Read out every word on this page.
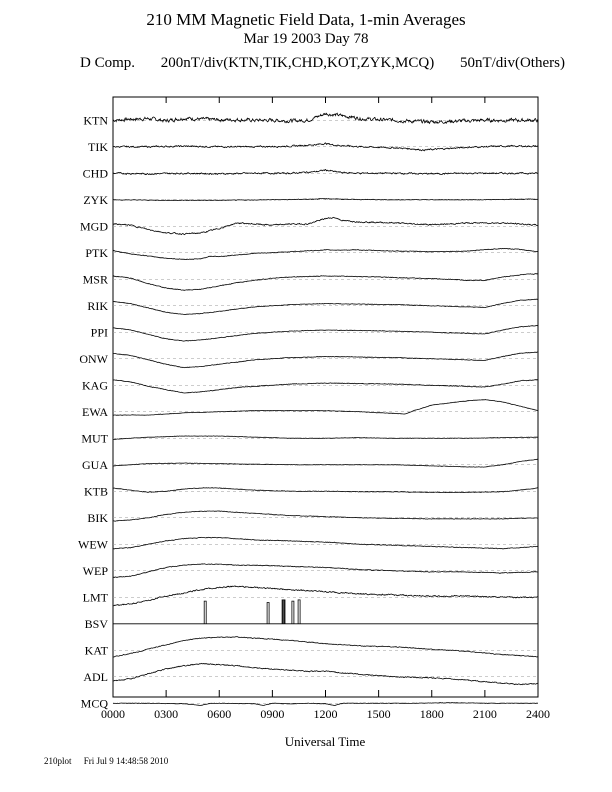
210 MM Magnetic Field Data, 1-min Averages
Mar 19 2003 Day 78
D Comp. 200nT/div(KTN,TIK,CHD,KOT,ZYK,MCQ) 50nT/div(Others)
KTN
TIK
CHD
ZYK
MGD
PTK
MSR
RIK
PPI
ONW
KAG
EWA
MUT
GUA
KTB
BIK
WEW
WEP
LMT
BSV
KAT
ADL
MCQ
0000 0300 0600 0900 1200 1500 1800 2100 2400
Universal Time
210plot Fri Jul 9 14:48:58 2010
